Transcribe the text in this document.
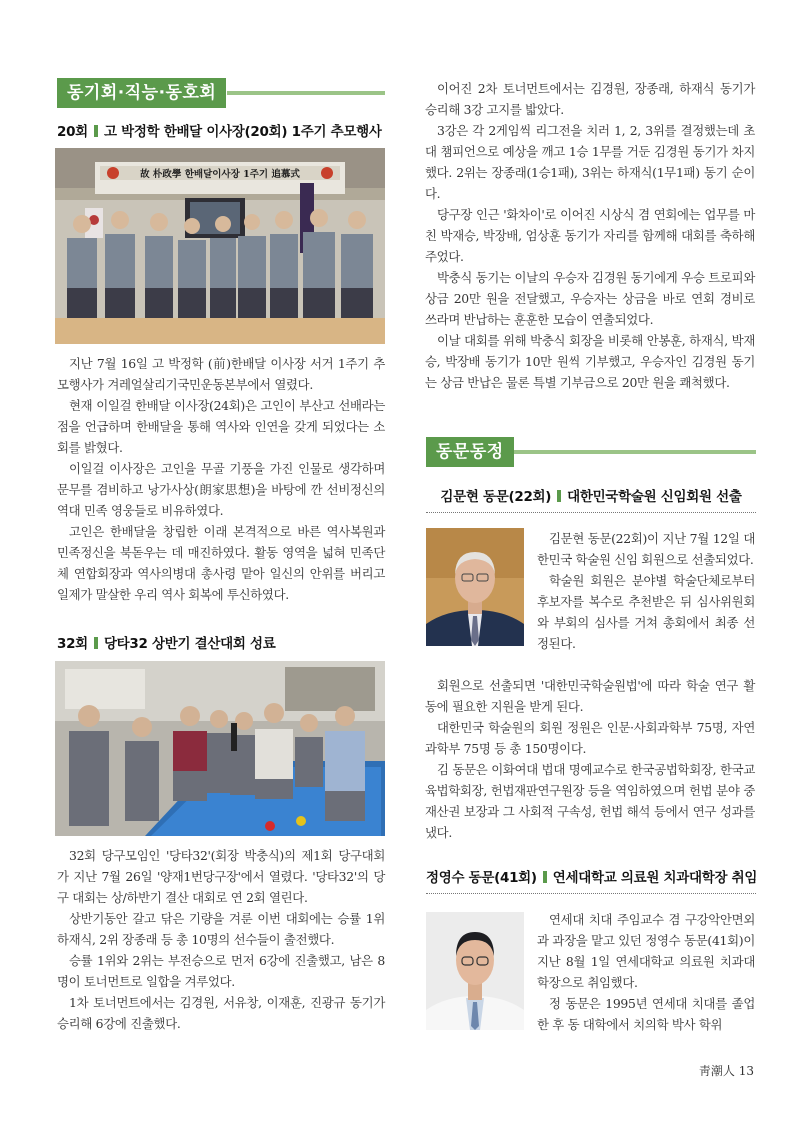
동기회·직능·동호회
20회 고 박정학 한배달 이사장(20회) 1주기 추모행사
故 朴政學 한배달이사장 1주기 追慕式

지난 7월 16일 고 박정학 (前)한배달 이사장 서거 1주기 추모행사가 겨레얼살리기국민운동본부에서 열렸다.

현재 이일걸 한배달 이사장(24회)은 고인이 부산고 선배라는 점을 언급하며 한배달을 통해 역사와 인연을 갖게 되었다는 소회를 밝혔다.

이일걸 이사장은 고인을 무골 기풍을 가진 인물로 생각하며 문무를 겸비하고 낭가사상(朗家思想)을 바탕에 깐 선비정신의 역대 민족 영웅들로 비유하였다.

고인은 한배달을 창립한 이래 본격적으로 바른 역사복원과 민족정신을 북돋우는 데 매진하였다. 활동 영역을 넓혀 민족단체 연합회장과 역사의병대 총사령 맡아 일신의 안위를 버리고 일제가 말살한 우리 역사 회복에 투신하였다.

32회 당타32 상반기 결산대회 성료

32회 당구모임인 '당타32'(회장 박충식)의 제1회 당구대회가 지난 7월 26일 '양재1번당구장'에서 열렸다. '당타32'의 당구 대회는 상/하반기 결산 대회로 연 2회 열린다.

상반기동안 갈고 닦은 기량을 겨룬 이번 대회에는 승률 1위 하재식, 2위 장종래 등 총 10명의 선수들이 출전했다.

승률 1위와 2위는 부전승으로 먼저 6강에 진출했고, 남은 8명이 토너먼트로 일합을 겨루었다.

1차 토너먼트에서는 김경원, 서유창, 이재훈, 진광규 동기가 승리해 6강에 진출했다.

이어진 2차 토너먼트에서는 김경원, 장종래, 하재식 동기가 승리해 3강 고지를 밟았다.

3강은 각 2게임씩 리그전을 치러 1, 2, 3위를 결정했는데 초대 챔피언으로 예상을 깨고 1승 1무를 거둔 김경원 동기가 차지했다. 2위는 장종래(1승1패), 3위는 하재식(1무1패) 동기 순이다.

당구장 인근 '화차이'로 이어진 시상식 겸 연회에는 업무를 마친 박재승, 박장배, 엄상훈 동기가 자리를 함께해 대회를 축하해주었다.

박충식 동기는 이날의 우승자 김경원 동기에게 우승 트로피와 상금 20만 원을 전달했고, 우승자는 상금을 바로 연회 경비로 쓰라며 반납하는 훈훈한 모습이 연출되었다.

이날 대회를 위해 박충식 회장을 비롯해 안봉훈, 하재식, 박재승, 박장배 동기가 10만 원씩 기부했고, 우승자인 김경원 동기는 상금 반납은 물론 특별 기부금으로 20만 원을 쾌척했다.

동문동정
김문현 동문(22회) 대한민국학술원 신임회원 선출

김문현 동문(22회)이 지난 7월 12일 대한민국 학술원 신임 회원으로 선출되었다.

학술원 회원은 분야별 학술단체로부터 후보자를 복수로 추천받은 뒤 심사위원회와 부회의 심사를 거쳐 총회에서 최종 선정된다.

회원으로 선출되면 '대한민국학술원법'에 따라 학술 연구 활동에 필요한 지원을 받게 된다.

대한민국 학술원의 회원 정원은 인문·사회과학부 75명, 자연과학부 75명 등 총 150명이다.

김 동문은 이화여대 법대 명예교수로 한국공법학회장, 한국교육법학회장, 헌법재판연구원장 등을 역임하였으며 헌법 분야 중 재산권 보장과 그 사회적 구속성, 헌법 해석 등에서 연구 성과를 냈다.

정영수 동문(41회) 연세대학교 의료원 치과대학장 취임

연세대 치대 주임교수 겸 구강악안면외과 과장을 맡고 있던 정영수 동문(41회)이 지난 8월 1일 연세대학교 의료원 치과대학장으로 취임했다.

정 동문은 1995년 연세대 치대를 졸업한 후 동 대학에서 치의학 박사 학위

靑潮人 13
